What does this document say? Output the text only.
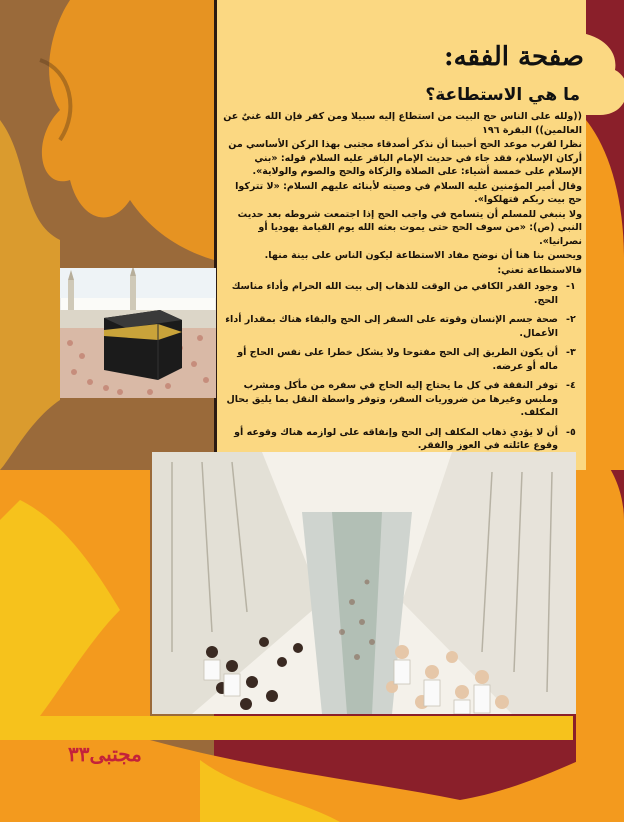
صفحة الفقه:
ما هي الاستطاعة؟

((ولله على الناس حج البيت من استطاع إليه سبيلا ومن كفر فإن الله غنيٌ عن العالمين)) البقرة ١٩٦

نظرا لقرب موعد الحج أحببنا أن نذكر أصدقاء مجتبى بهذا الركن الأساسي من أركان الإسلام، فقد جاء في حديث الإمام الباقر عليه السلام قوله: «بني الإسلام على خمسة أشياء: على الصلاة والزكاة والحج والصوم والولاية».

وقال أمير المؤمنين عليه السلام في وصيته لأبنائه عليهم السلام: «لا تتركوا حج بيت ربكم فتهلكوا».

ولا ينبغي للمسلم أن يتسامح في واجب الحج إذا اجتمعت شروطه بعد حديث النبي (ص): «من سوف الحج حتى يموت بعثه الله يوم القيامة يهوديا أو نصرانيا».

ويحسن بنا هنا أن نوضح مفاد الاستطاعة ليكون الناس على بينة منها.

فالاستطاعة تعني:

١-
وجود القدر الكافي من الوقت للذهاب إلى بيت الله الحرام وأداء مناسك الحج.
٢-
صحة جسم الإنسان وقوته على السفر إلى الحج والبقاء هناك بمقدار أداء الأعمال.
٣-
أن يكون الطريق إلى الحج مفتوحا ولا يشكل خطرا على نفس الحاج أو ماله أو عرضه.
٤-
توفر النفقة في كل ما يحتاج إليه الحاج في سفره من مأكل ومشرب وملبس وغيرها من ضروريات السفر، وتوفر واسطة النقل بما يليق بحال المكلف.
٥-
أن لا يؤدي ذهاب المكلف إلى الحج وإنفاقه على لوازمه هناك وقوعه أو وقوع عائلته في العوز والفقر.
مجتبى٣٣
